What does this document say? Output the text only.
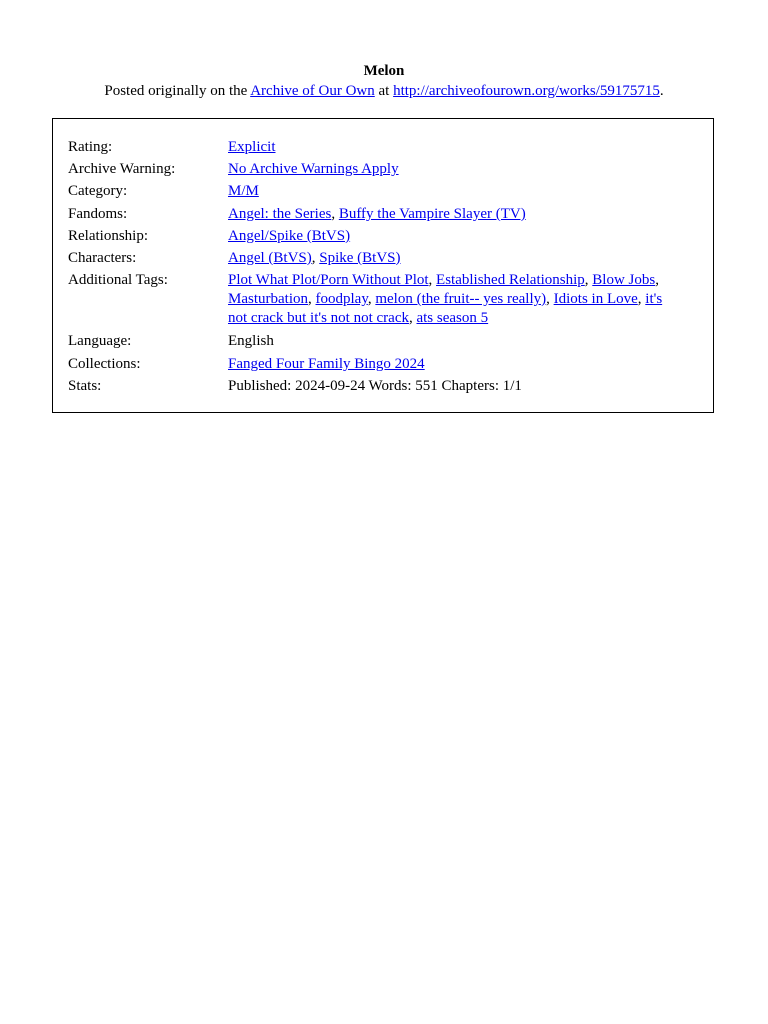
Melon
Posted originally on the Archive of Our Own at http://archiveofourown.org/works/59175715.
Rating:	Explicit
Archive Warning:	No Archive Warnings Apply
Category:	M/M
Fandoms:	Angel: the Series, Buffy the Vampire Slayer (TV)
Relationship:	Angel/Spike (BtVS)
Characters:	Angel (BtVS), Spike (BtVS)
Additional Tags:	Plot What Plot/Porn Without Plot, Established Relationship, Blow Jobs,
Masturbation, foodplay, melon (the fruit-- yes really), Idiots in Love, it's
not crack but it's not not crack, ats season 5
Language:	English
Collections:	Fanged Four Family Bingo 2024
Stats:	Published: 2024-09-24 Words: 551 Chapters: 1/1
